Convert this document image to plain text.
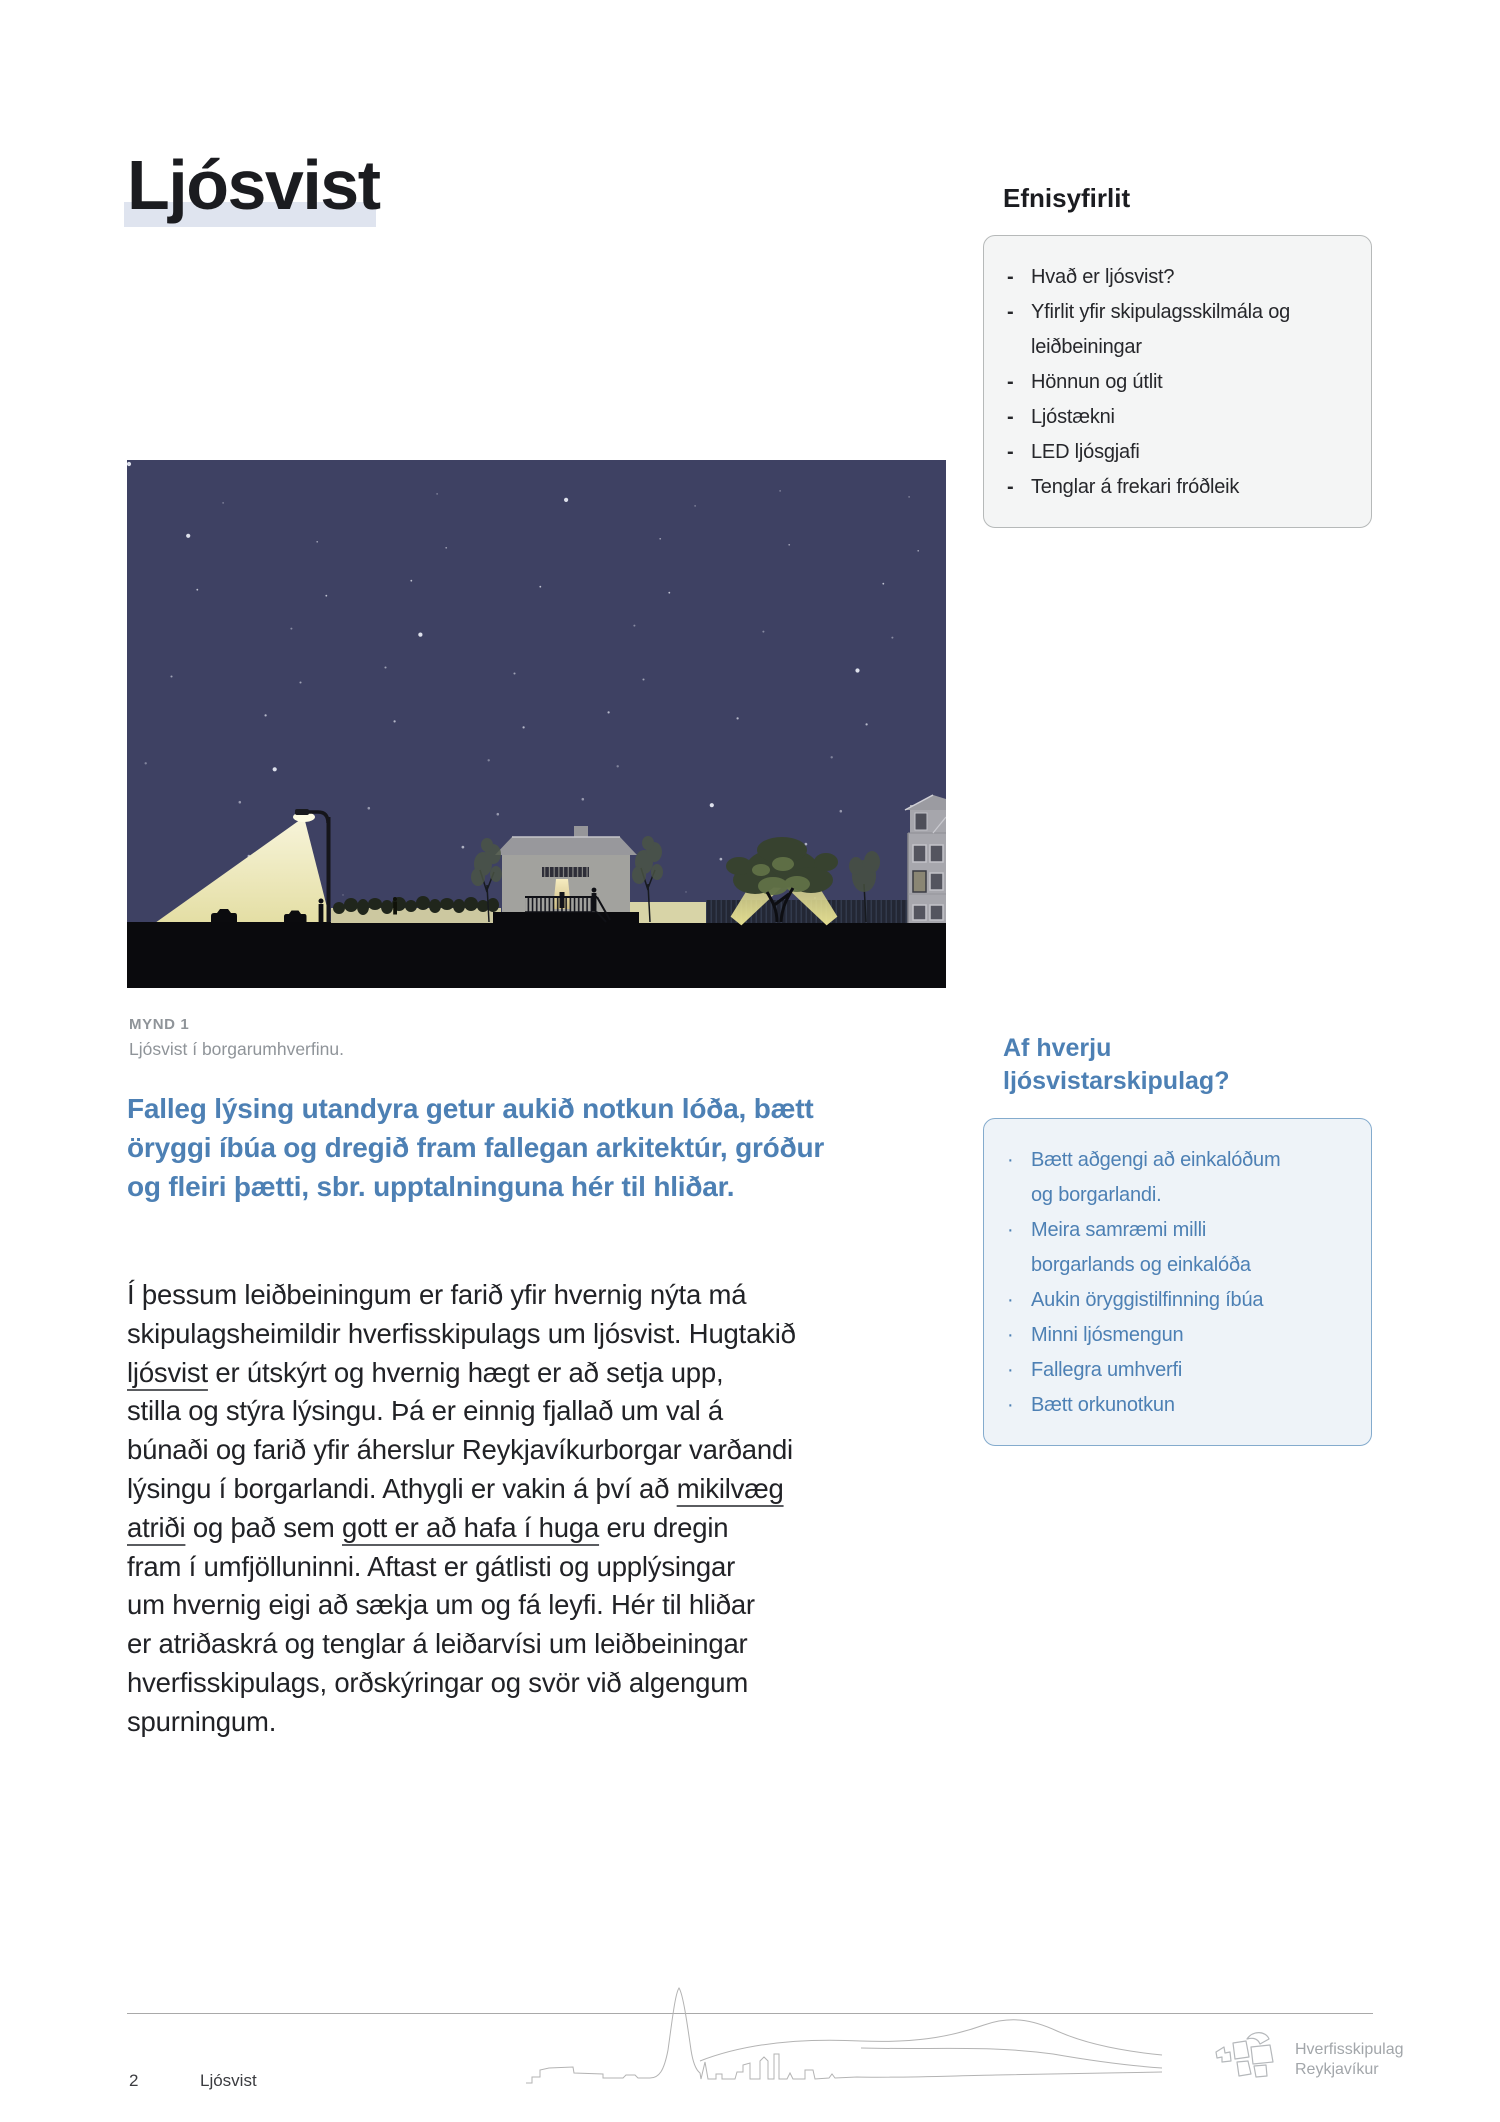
Ljósvist	Efnisyfirlit
- Hvað er ljósvist?
- Yfirlit yfir skipulagsskilmála og
leiðbeiningar
- Hönnun og útlit
- Ljóstækni
- LED ljósgjafi
- Tenglar á frekari fróðleik
MYND 1
Ljósvist í borgarumhverfinu.

Falleg lýsing utandyra getur aukið notkun lóða, bætt
öryggi íbúa og dregið fram fallegan arkitektúr, gróður
og fleiri þætti, sbr. upptalninguna hér til hliðar.

Í þessum leiðbeiningum er farið yfir hvernig nýta má
skipulagsheimildir hverfisskipulags um ljósvist. Hugtakið
ljósvist er útskýrt og hvernig hægt er að setja upp,
stilla og stýra lýsingu. Þá er einnig fjallað um val á
búnaði og farið yfir áherslur Reykjavíkurborgar varðandi
lýsingu í borgarlandi. Athygli er vakin á því að mikilvæg
atriði og það sem gott er að hafa í huga eru dregin
fram í umfjölluninni. Aftast er gátlisti og upplýsingar
um hvernig eigi að sækja um og fá leyfi. Hér til hliðar
er atriðaskrá og tenglar á leiðarvísi um leiðbeiningar
hverfisskipulags, orðskýringar og svör við algengum
spurningum.

Af hverju
ljósvistarskipulag?
· Bætt aðgengi að einkalóðum
og borgarlandi.
· Meira samræmi milli
borgarlands og einkalóða
· Aukin öryggistilfinning íbúa
· Minni ljósmengun
· Fallegra umhverfi
· Bætt orkunotkun
2	Ljósvist
Hverfisskipulag
Reykjavíkur
